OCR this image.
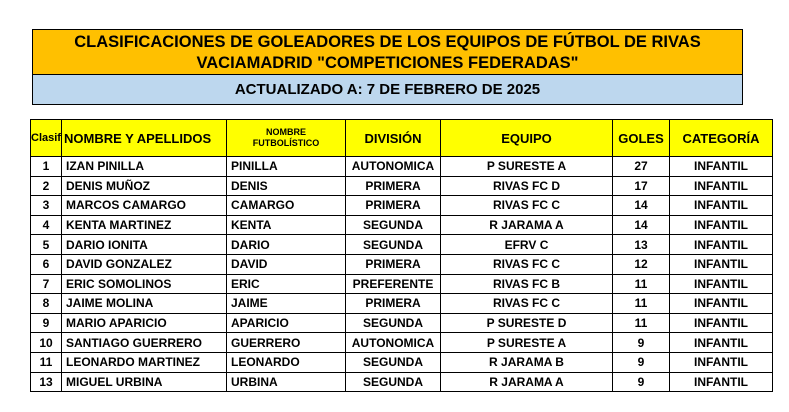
CLASIFICACIONES DE GOLEADORES DE LOS EQUIPOS DE FÚTBOL DE RIVAS
VACIAMADRID "COMPETICIONES FEDERADAS"
ACTUALIZADO A: 7 DE FEBRERO DE 2025
Clasif	NOMBRE Y APELLIDOS	NOMBRE
FUTBOLÍSTICO	DIVISIÓN	EQUIPO	GOLES	CATEGORÍA
1	IZAN PINILLA	PINILLA	AUTONOMICA	P SURESTE A	27	INFANTIL
2	DENIS MUÑOZ	DENIS	PRIMERA	RIVAS FC D	17	INFANTIL
3	MARCOS CAMARGO	CAMARGO	PRIMERA	RIVAS FC C	14	INFANTIL
4	KENTA MARTINEZ	KENTA	SEGUNDA	R JARAMA A	14	INFANTIL
5	DARIO IONITA	DARIO	SEGUNDA	EFRV C	13	INFANTIL
6	DAVID GONZALEZ	DAVID	PRIMERA	RIVAS FC C	12	INFANTIL
7	ERIC SOMOLINOS	ERIC	PREFERENTE	RIVAS FC B	11	INFANTIL
8	JAIME MOLINA	JAIME	PRIMERA	RIVAS FC C	11	INFANTIL
9	MARIO APARICIO	APARICIO	SEGUNDA	P SURESTE D	11	INFANTIL
10	SANTIAGO GUERRERO	GUERRERO	AUTONOMICA	P SURESTE A	9	INFANTIL
11	LEONARDO MARTINEZ	LEONARDO	SEGUNDA	R JARAMA B	9	INFANTIL
13	MIGUEL URBINA	URBINA	SEGUNDA	R JARAMA A	9	INFANTIL
